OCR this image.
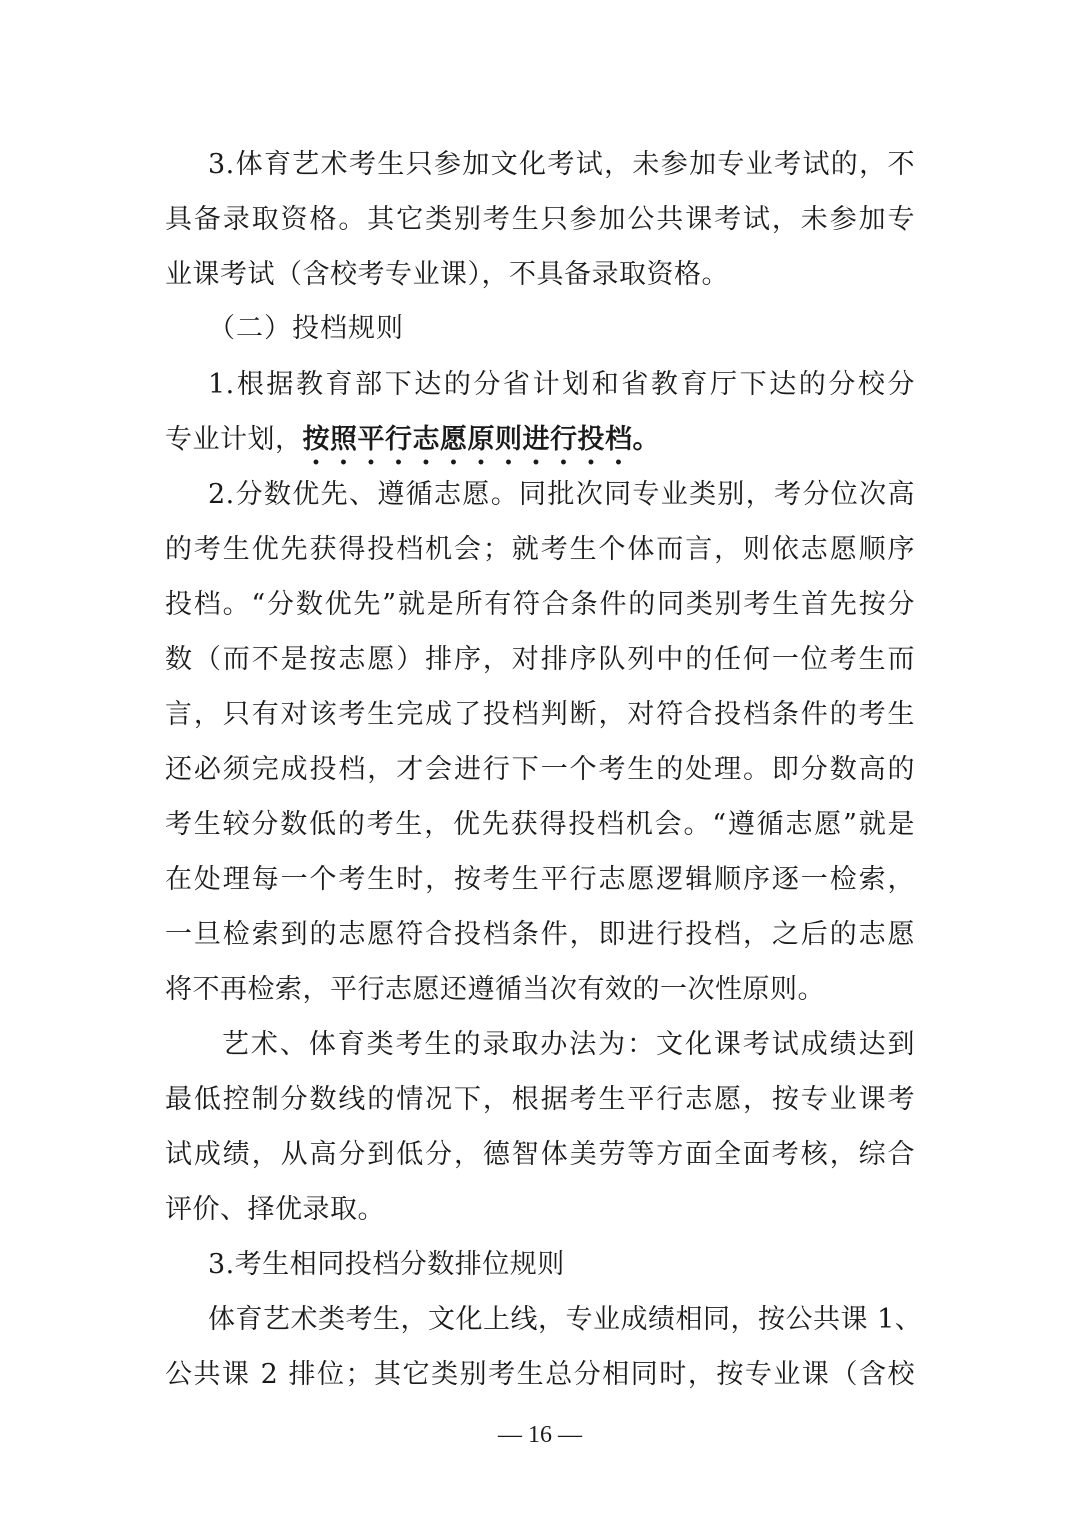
3.体育艺术考生只参加文化考试，未参加专业考试的，不
具备录取资格。其它类别考生只参加公共课考试，未参加专
业课考试（含校考专业课），不具备录取资格。
（二）投档规则
1.根据教育部下达的分省计划和省教育厅下达的分校分
专业计划，按照平行志愿原则进行投档。
2.分数优先、遵循志愿。同批次同专业类别，考分位次高
的考生优先获得投档机会；就考生个体而言，则依志愿顺序
投档。“分数优先”就是所有符合条件的同类别考生首先按分
数（而不是按志愿）排序，对排序队列中的任何一位考生而
言，只有对该考生完成了投档判断，对符合投档条件的考生
还必须完成投档，才会进行下一个考生的处理。即分数高的
考生较分数低的考生，优先获得投档机会。“遵循志愿”就是
在处理每一个考生时，按考生平行志愿逻辑顺序逐一检索，
一旦检索到的志愿符合投档条件，即进行投档，之后的志愿
将不再检索，平行志愿还遵循当次有效的一次性原则。
艺术、体育类考生的录取办法为：文化课考试成绩达到
最低控制分数线的情况下，根据考生平行志愿，按专业课考
试成绩，从高分到低分，德智体美劳等方面全面考核，综合
评价、择优录取。
3.考生相同投档分数排位规则
体育艺术类考生，文化上线，专业成绩相同，按公共课 1、
公共课 2 排位；其它类别考生总分相同时，按专业课（含校
— 16 —
